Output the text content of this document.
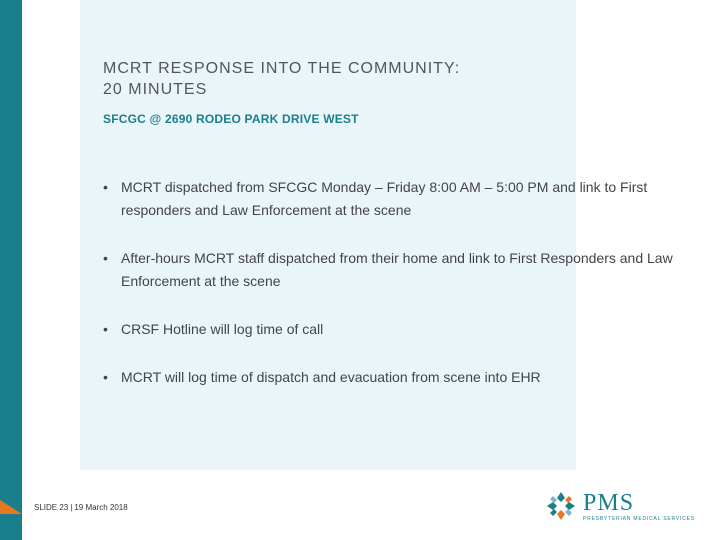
MCRT RESPONSE INTO THE COMMUNITY:
20 MINUTES
SFCGC @ 2690 RODEO PARK DRIVE WEST
• MCRT dispatched from SFCGC Monday – Friday 8:00 AM – 5:00 PM and link to First responders and Law Enforcement at the scene
• After-hours MCRT staff dispatched from their home and link to First Responders and Law Enforcement at the scene
• CRSF Hotline will log time of call
• MCRT will log time of dispatch and evacuation from scene into EHR
SLIDE 23 | 19 March 2018	PMS
PRESBYTERIAN MEDICAL SERVICES
